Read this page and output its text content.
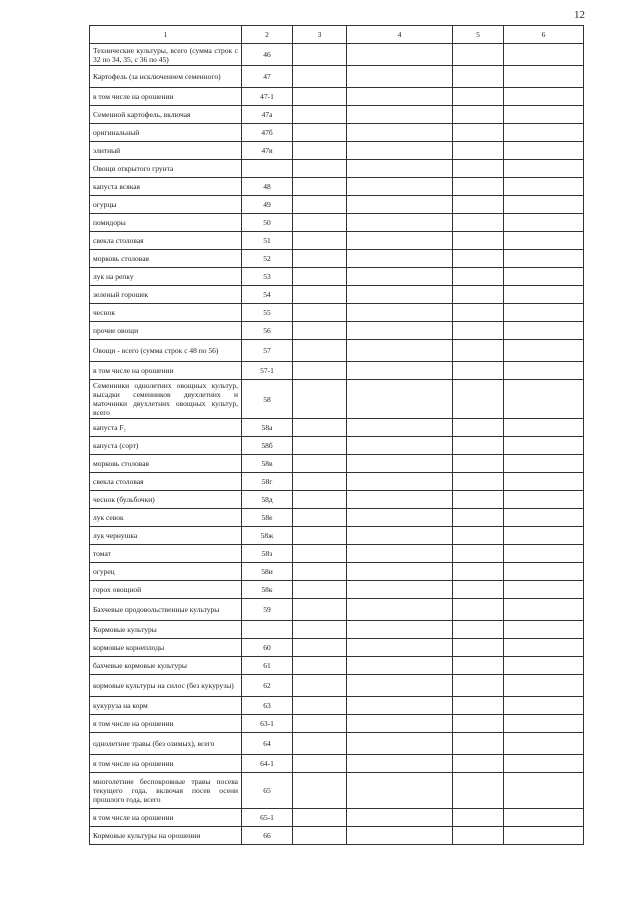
12
1	2	3	4	5	6
Технические культуры, всего (сумма строк с 32 по 34, 35, с 36 по 45)	46				
Картофель (за исключением семенного)	47				
в том числе на орошении	47-1				
Семенной картофель, включая	47а				
оригинальный	47б				
элитный	47в				
Овощи открытого грунта					
капуста всякая	48				
огурцы	49				
помидоры	50				
свекла столовая	51				
морковь столовая	52				
лук на репку	53				
зеленый горошек	54				
чеснок	55				
прочие овощи	56				
Овощи - всего (сумма строк с 48 по 56)	57				
в том числе на орошении	57-1				
Семенники однолетних овощных культур, высадки семенников двухлетних и маточники двухлетних овощных культур, всего	58				
капуста F₁	58а				
капуста (сорт)	58б				
морковь столовая	58в				
свекла столовая	58г				
чеснок (бульбочки)	58д				
лук севок	58е				
лук чернушка	58ж				
томат	58з				
огурец	58и				
горох овощной	58к				
Бахчевые продовольственные культуры	59				
Кормовые культуры					
кормовые корнеплоды	60				
бахчевые кормовые культуры	61				
кормовые культуры на силос (без кукурузы)	62				
кукуруза на корм	63				
в том числе на орошении	63-1				
однолетние травы (без озимых), всего	64				
в том числе на орошении	64-1				
многолетние беспокровные травы посева текущего года, включая посев осени прошлого года, всего	65				
в том числе на орошении	65-1				
Кормовые культуры на орошении	66				
